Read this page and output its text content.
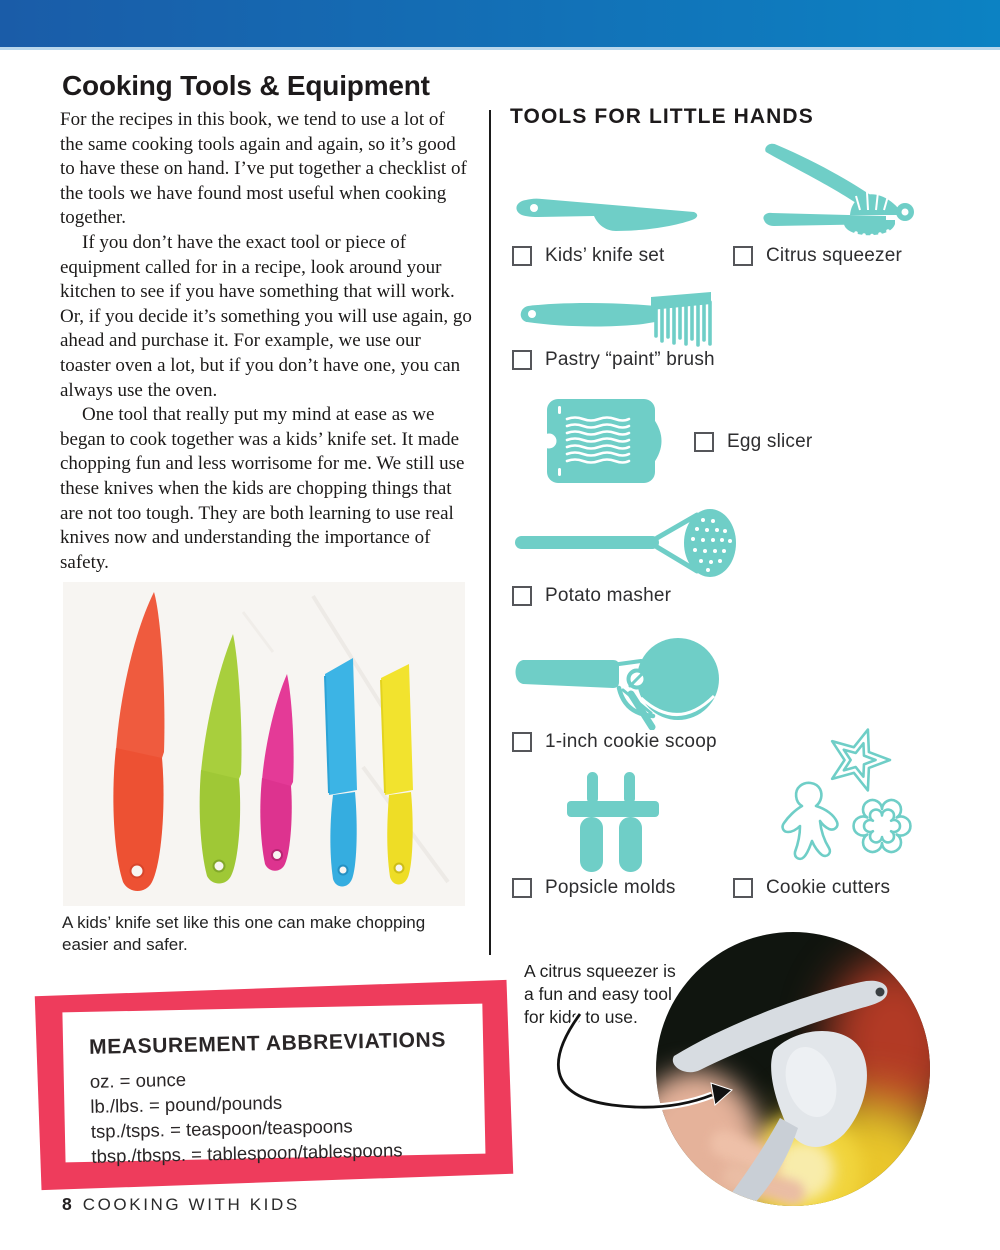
Cooking Tools & Equipment

For the recipes in this book, we tend to use a lot of the same cooking tools again and again, so it’s good to have these on hand. I’ve put together a checklist of the tools we have found most useful when cooking together.

If you don’t have the exact tool or piece of equipment called for in a recipe, look around your kitchen to see if you have something that will work. Or, if you decide it’s something you will use again, go ahead and purchase it. For example, we use our toaster oven a lot, but if you don’t have one, you can always use the oven.

One tool that really put my mind at ease as we began to cook together was a kids’ knife set. It made chopping fun and less worrisome for me. We still use these knives when the kids are chopping things that are not too tough. They are both learning to use real knives now and understanding the importance of safety.

A kids’ knife set like this one can make chopping easier and safer.

TOOLS FOR LITTLE HANDS
Kids’ knife set	Citrus squeezer
Pastry “paint” brush
Egg slicer
Potato masher
1-inch cookie scoop
Popsicle molds	Cookie cutters
MEASUREMENT ABBREVIATIONS
oz. = ounce
lb./lbs. = pound/pounds
tsp./tsps. = teaspoon/teaspoons
tbsp./tbsps. = tablespoon/tablespoons
A citrus squeezer is a fun and easy tool for kids to use.
8 COOKING WITH KIDS
